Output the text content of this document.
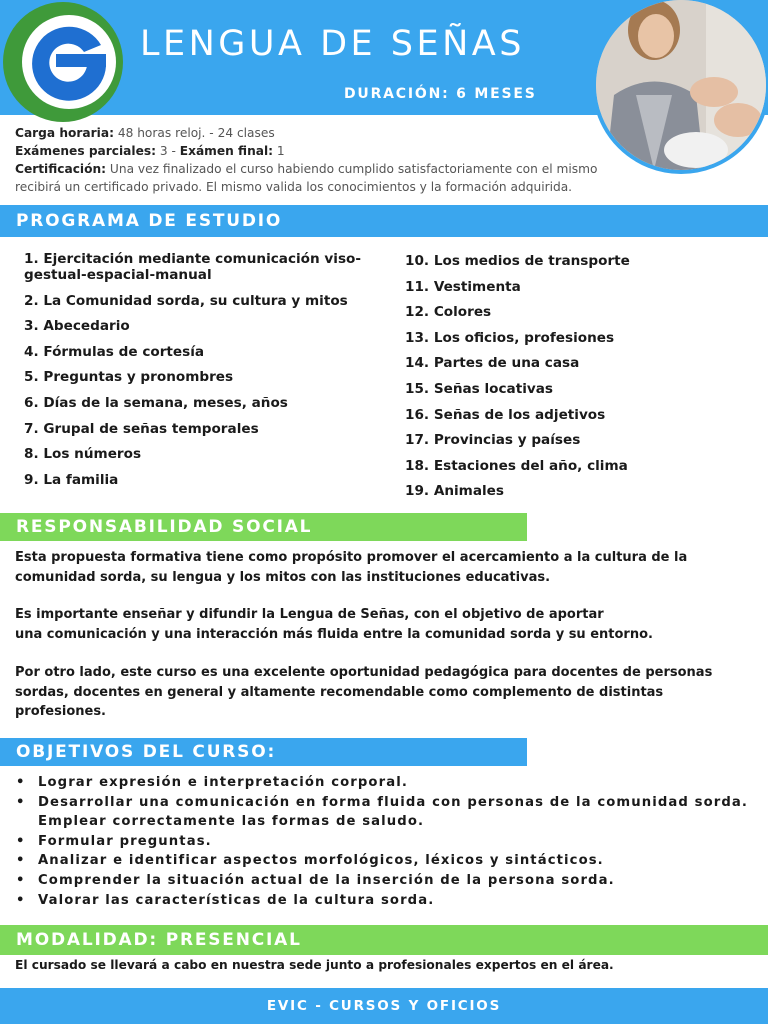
LENGUA DE SEÑAS
DURACIÓN: 6 MESES
Carga horaria: 48 horas reloj. - 24 clases
Exámenes parciales: 3 - Exámen final: 1
Certificación: Una vez finalizado el curso habiendo cumplido satisfactoriamente con el mismo recibirá un certificado privado. El mismo valida los conocimientos y la formación adquirida.
PROGRAMA DE ESTUDIO
1. Ejercitación mediante comunicación viso-gestual-espacial-manual
2. La Comunidad sorda, su cultura y mitos
3. Abecedario
4. Fórmulas de cortesía
5. Preguntas y pronombres
6. Días de la semana, meses, años
7. Grupal de señas temporales
8. Los números
9. La familia
10. Los medios de transporte
11. Vestimenta
12. Colores
13. Los oficios, profesiones
14. Partes de una casa
15. Señas locativas
16. Señas de los adjetivos
17. Provincias y países
18. Estaciones del año, clima
19. Animales
RESPONSABILIDAD SOCIAL
Esta propuesta formativa tiene como propósito promover el acercamiento a la cultura de la comunidad sorda, su lengua y los mitos con las instituciones educativas.
Es importante enseñar y difundir la Lengua de Señas, con el objetivo de aportar
una comunicación y una interacción más fluida entre la comunidad sorda y su entorno.
Por otro lado, este curso es una excelente oportunidad pedagógica para docentes de personas sordas, docentes en general y altamente recomendable como complemento de distintas profesiones.
OBJETIVOS DEL CURSO:
• Lograr expresión e interpretación corporal.
• Desarrollar una comunicación en forma fluida con personas de la comunidad sorda. Emplear correctamente las formas de saludo.
• Formular preguntas.
• Analizar e identificar aspectos morfológicos, léxicos y sintácticos.
• Comprender la situación actual de la inserción de la persona sorda.
• Valorar las características de la cultura sorda.
MODALIDAD: PRESENCIAL
El cursado se llevará a cabo en nuestra sede junto a profesionales expertos en el área.
EVIC - CURSOS Y OFICIOS
